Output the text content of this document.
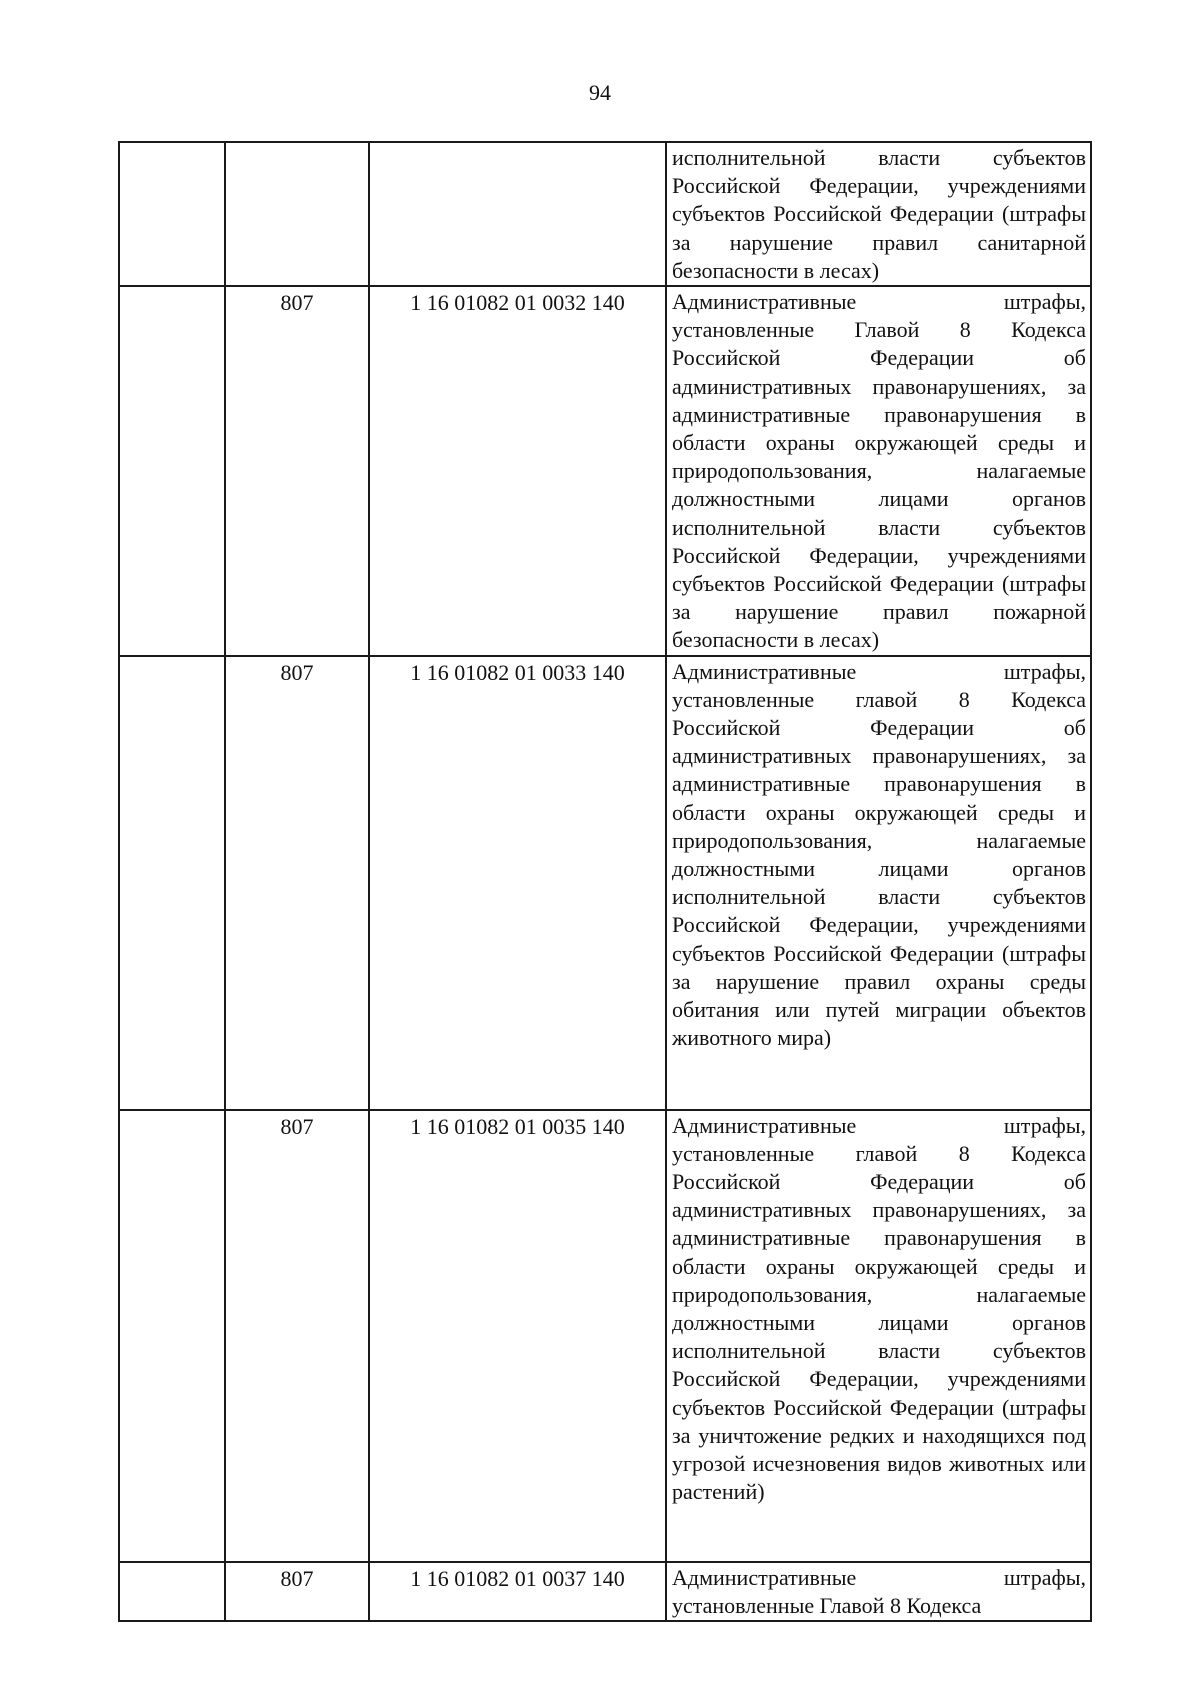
94
			исполнительной власти субъектов Российской Федерации, учреждениями субъектов Российской Федерации (штрафы за нарушение правил санитарной безопасности в лесах)
	807	1 16 01082 01 0032 140	Административные штрафы, установленные Главой 8 Кодекса Российской Федерации об административных правонарушениях, за административные правонарушения в области охраны окружающей среды и природопользования, налагаемые должностными лицами органов исполнительной власти субъектов Российской Федерации, учреждениями субъектов Российской Федерации (штрафы за нарушение правил пожарной безопасности в лесах)
	807	1 16 01082 01 0033 140	Административные штрафы, установленные главой 8 Кодекса Российской Федерации об административных правонарушениях, за административные правонарушения в области охраны окружающей среды и природопользования, налагаемые должностными лицами органов исполнительной власти субъектов Российской Федерации, учреждениями субъектов Российской Федерации (штрафы за нарушение правил охраны среды обитания или путей миграции объектов животного мира)
	807	1 16 01082 01 0035 140	Административные штрафы, установленные главой 8 Кодекса Российской Федерации об административных правонарушениях, за административные правонарушения в области охраны окружающей среды и природопользования, налагаемые должностными лицами органов исполнительной власти субъектов Российской Федерации, учреждениями субъектов Российской Федерации (штрафы за уничтожение редких и находящихся под угрозой исчезновения видов животных или растений)
	807	1 16 01082 01 0037 140	Административные штрафы, установленные Главой 8 Кодекса
